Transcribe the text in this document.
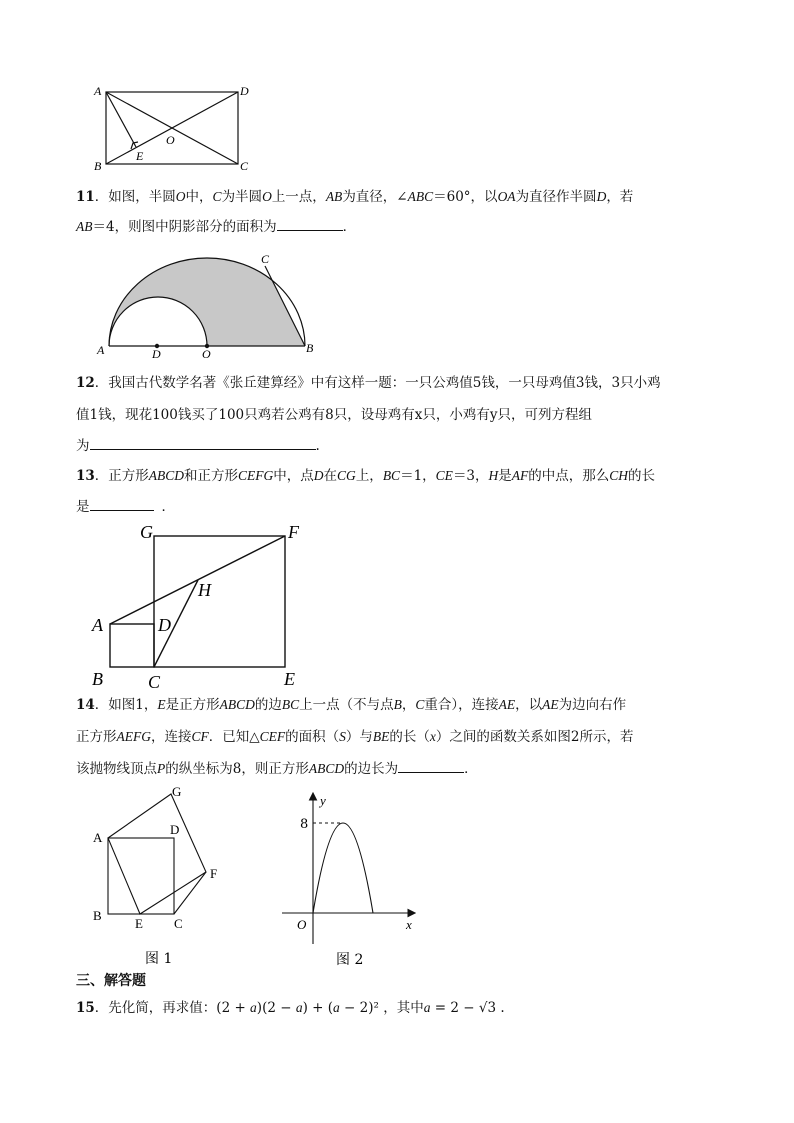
A
B	C
D
E
O
11．如图，半圆O中，C为半圆O上一点，AB为直径，∠ABC＝60°，以OA为直径作半圆D，若
AB＝4，则图中阴影部分的面积为	．
A	D	O	B
C
12．我国古代数学名著《张丘建算经》中有这样一题：一只公鸡值5钱，一只母鸡值3钱，3只小鸡
值1钱，现花100钱买了100只鸡若公鸡有8只，设母鸡有x只，小鸡有y只，可列方程组
为	.
13．正方形ABCD和正方形CEFG中，点D在CG上，BC＝1，CE＝3，H是AF的中点，那么CH的长
是	．
G	F
H
A	D
B	C	E
14．如图1，E是正方形ABCD的边BC上一点（不与点B，C重合），连接AE，以AE为边向右作
正方形AEFG，连接CF．已知△CEF的面积（S）与BE的长（x）之间的函数关系如图2所示，若
该抛物线顶点P的纵坐标为8，则正方形ABCD的边长为	．
A
B
C
D
E
F
G
图 1
y
x
O
8
图 2
三、解答题
15．先化简，再求值：(2 + a)(2 − a) + (a − 2)² ，其中a = 2 − √3 .
